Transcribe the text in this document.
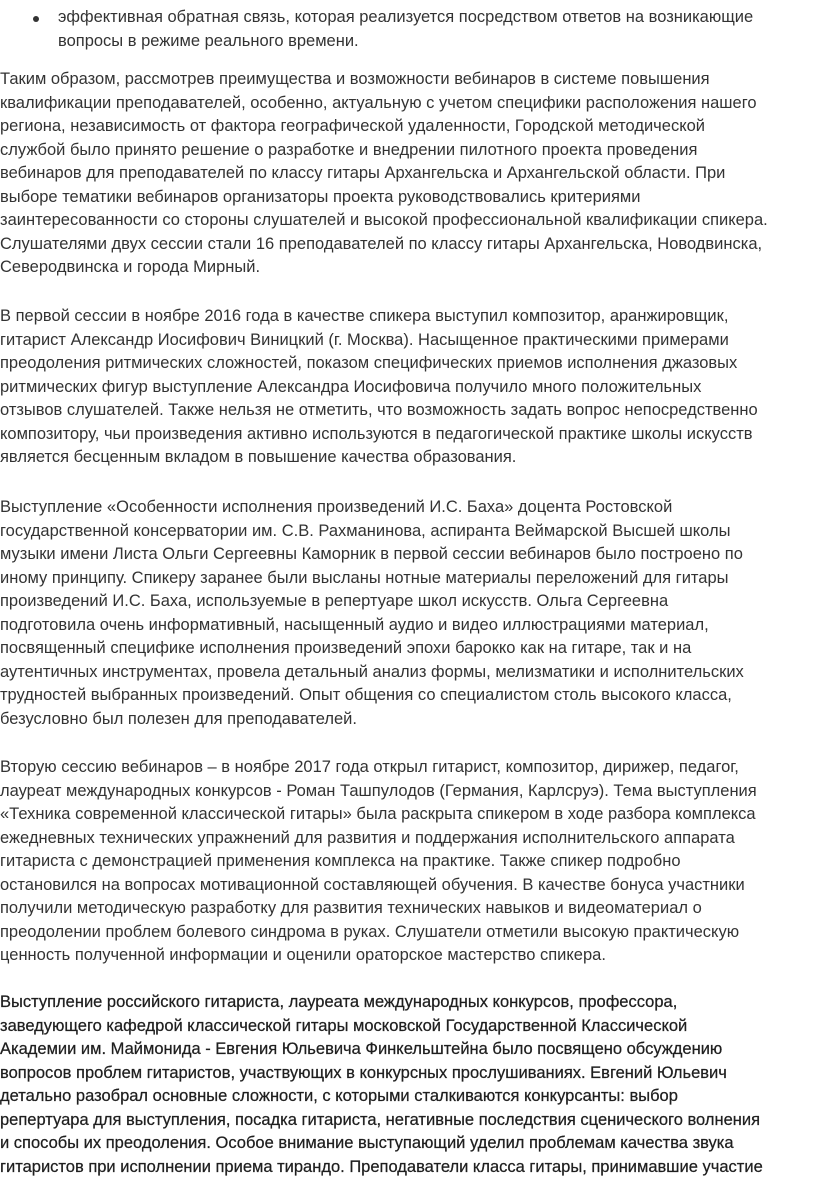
эффективная обратная связь, которая реализуется посредством ответов на возникающие
вопросы в режиме реального времени.
Таким образом, рассмотрев преимущества и возможности вебинаров в системе повышения
квалификации преподавателей, особенно, актуальную с учетом специфики расположения нашего
региона, независимость от фактора географической удаленности, Городской методической
службой было принято решение о разработке и внедрении пилотного проекта проведения
вебинаров для преподавателей по классу гитары Архангельска и Архангельской области. При
выборе тематики вебинаров организаторы проекта руководствовались критериями
заинтересованности со стороны слушателей и высокой профессиональной квалификации спикера.
Слушателями двух сессии стали 16 преподавателей по классу гитары Архангельска, Новодвинска,
Северодвинска и города Мирный.
В первой сессии в ноябре 2016 года в качестве спикера выступил композитор, аранжировщик,
гитарист Александр Иосифович Виницкий (г. Москва). Насыщенное практическими примерами
преодоления ритмических сложностей, показом специфических приемов исполнения джазовых
ритмических фигур выступление Александра Иосифовича получило много положительных
отзывов слушателей. Также нельзя не отметить, что возможность задать вопрос непосредственно
композитору, чьи произведения активно используются в педагогической практике школы искусств
является бесценным вкладом в повышение качества образования.
Выступление «Особенности исполнения произведений И.С. Баха» доцента Ростовской
государственной консерватории им. С.В. Рахманинова, аспиранта Веймарской Высшей школы
музыки имени Листа Ольги Сергеевны Каморник в первой сессии вебинаров было построено по
иному принципу. Спикеру заранее были высланы нотные материалы переложений для гитары
произведений И.С. Баха, используемые в репертуаре школ искусств. Ольга Сергеевна
подготовила очень информативный, насыщенный аудио и видео иллюстрациями материал,
посвященный специфике исполнения произведений эпохи барокко как на гитаре, так и на
аутентичных инструментах, провела детальный анализ формы, мелизматики и исполнительских
трудностей выбранных произведений. Опыт общения со специалистом столь высокого класса,
безусловно был полезен для преподавателей.
Вторую сессию вебинаров – в ноябре 2017 года открыл гитарист, композитор, дирижер, педагог,
лауреат международных конкурсов - Роман Ташпулодов (Германия, Карлсруэ). Тема выступления
«Техника современной классической гитары» была раскрыта спикером в ходе разбора комплекса
ежедневных технических упражнений для развития и поддержания исполнительского аппарата
гитариста с демонстрацией применения комплекса на практике. Также спикер подробно
остановился на вопросах мотивационной составляющей обучения. В качестве бонуса участники
получили методическую разработку для развития технических навыков и видеоматериал о
преодолении проблем болевого синдрома в руках. Слушатели отметили высокую практическую
ценность полученной информации и оценили ораторское мастерство спикера.
Выступление российского гитариста, лауреата международных конкурсов, профессора,
заведующего кафедрой классической гитары московской Государственной Классической
Академии им. Маймонида - Евгения Юльевича Финкельштейна было посвящено обсуждению
вопросов проблем гитаристов, участвующих в конкурсных прослушиваниях. Евгений Юльевич
детально разобрал основные сложности, с которыми сталкиваются конкурсанты: выбор
репертуара для выступления, посадка гитариста, негативные последствия сценического волнения
и способы их преодоления. Особое внимание выступающий уделил проблемам качества звука
гитаристов при исполнении приема тирандо. Преподаватели класса гитары, принимавшие участие
